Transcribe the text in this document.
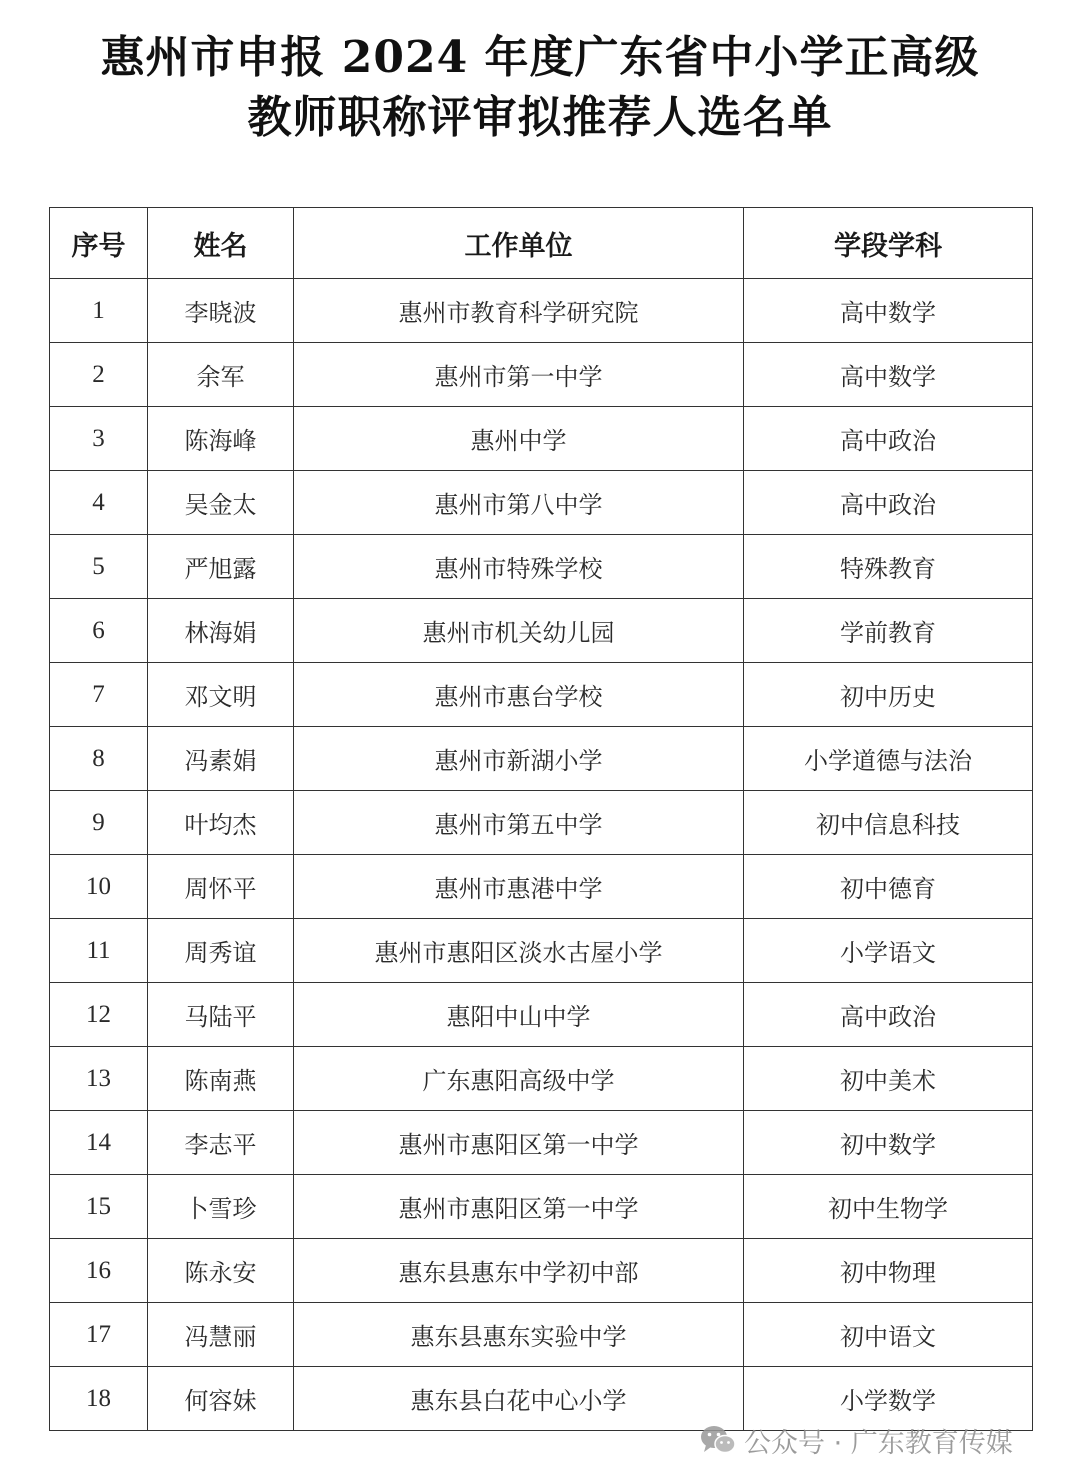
惠州市申报 2024 年度广东省中小学正高级
教师职称评审拟推荐人选名单
序号	姓名	工作单位	学段学科
1	李晓波	惠州市教育科学研究院	高中数学
2	余军	惠州市第一中学	高中数学
3	陈海峰	惠州中学	高中政治
4	吴金太	惠州市第八中学	高中政治
5	严旭露	惠州市特殊学校	特殊教育
6	林海娟	惠州市机关幼儿园	学前教育
7	邓文明	惠州市惠台学校	初中历史
8	冯素娟	惠州市新湖小学	小学道德与法治
9	叶均杰	惠州市第五中学	初中信息科技
10	周怀平	惠州市惠港中学	初中德育
11	周秀谊	惠州市惠阳区淡水古屋小学	小学语文
12	马陆平	惠阳中山中学	高中政治
13	陈南燕	广东惠阳高级中学	初中美术
14	李志平	惠州市惠阳区第一中学	初中数学
15	卜雪珍	惠州市惠阳区第一中学	初中生物学
16	陈永安	惠东县惠东中学初中部	初中物理
17	冯慧丽	惠东县惠东实验中学	初中语文
18	何容妹	惠东县白花中心小学	小学数学
公众号 · 广东教育传媒
